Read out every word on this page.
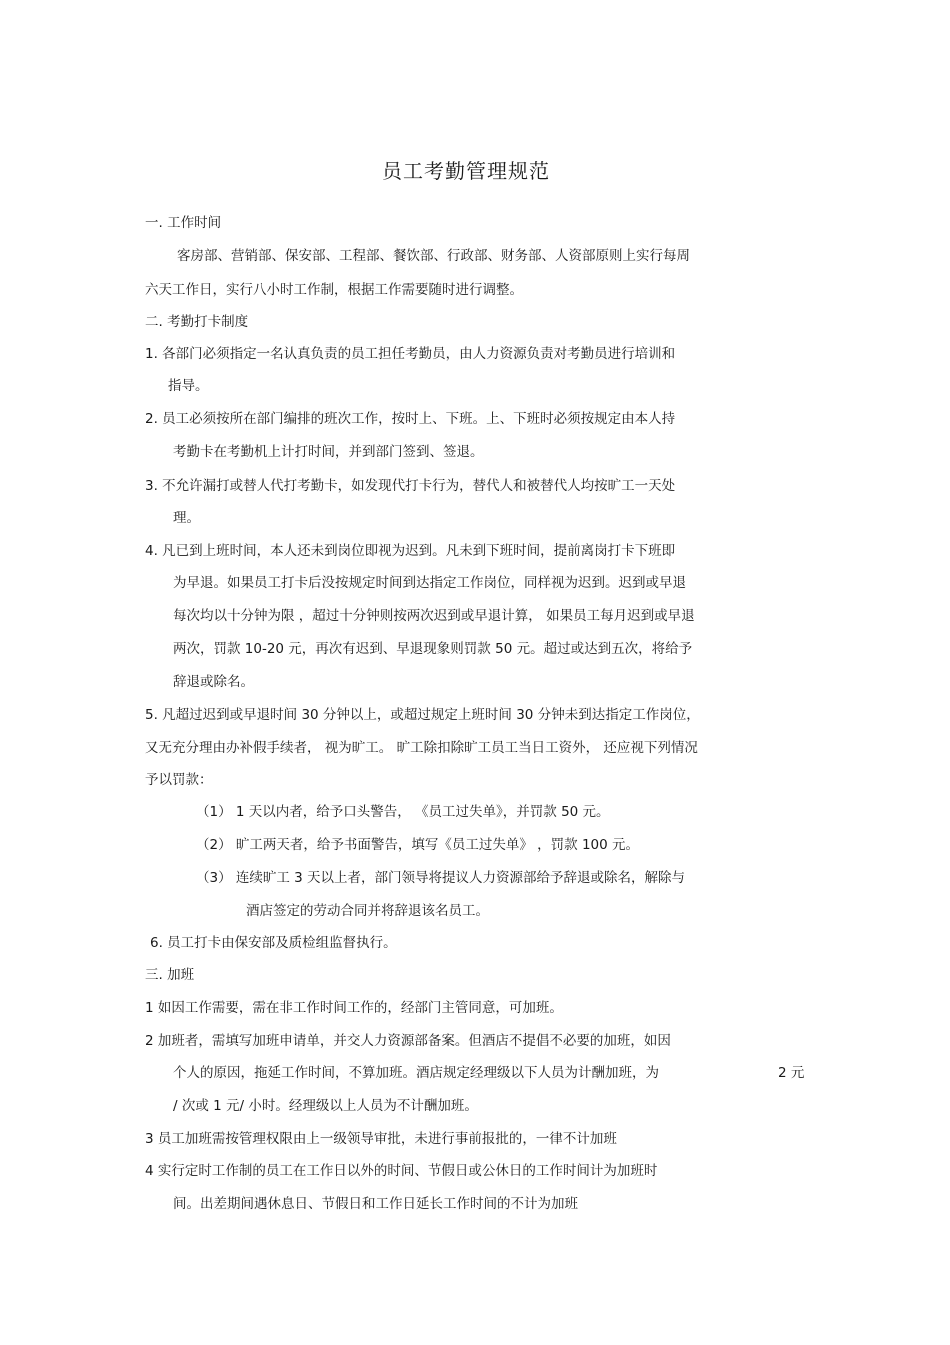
员工考勤管理规范
一. 工作时间
客房部、营销部、保安部、工程部、餐饮部、行政部、财务部、人资部原则上实行每周
六天工作日，实行八小时工作制，根据工作需要随时进行调整。
二. 考勤打卡制度
1. 各部门必须指定一名认真负责的员工担任考勤员，由人力资源负责对考勤员进行培训和
指导。
2. 员工必须按所在部门编排的班次工作，按时上、下班。上、下班时必须按规定由本人持
考勤卡在考勤机上计打时间，并到部门签到、签退。
3. 不允许漏打或替人代打考勤卡，如发现代打卡行为，替代人和被替代人均按旷工一天处
理。
4. 凡已到上班时间，本人还未到岗位即视为迟到。凡未到下班时间，提前离岗打卡下班即
为早退。如果员工打卡后没按规定时间到达指定工作岗位，同样视为迟到。迟到或早退
每次均以十分钟为限 ，超过十分钟则按两次迟到或早退计算， 如果员工每月迟到或早退
两次，罚款 10-20 元，再次有迟到、早退现象则罚款 50 元。超过或达到五次，将给予
辞退或除名。
5. 凡超过迟到或早退时间 30 分钟以上，或超过规定上班时间 30 分钟未到达指定工作岗位，
又无充分理由办补假手续者， 视为旷工。 旷工除扣除旷工员工当日工资外， 还应视下列情况
予以罚款：
（1） 1 天以内者，给予口头警告， 《员工过失单》，并罚款 50 元。
（2） 旷工两天者，给予书面警告，填写《员工过失单》 ，罚款 100 元。
（3） 连续旷工 3 天以上者，部门领导将提议人力资源部给予辞退或除名，解除与
酒店签定的劳动合同并将辞退该名员工。
6. 员工打卡由保安部及质检组监督执行。
三. 加班
1 如因工作需要，需在非工作时间工作的，经部门主管同意，可加班。
2 加班者，需填写加班申请单，并交人力资源部备案。但酒店不提倡不必要的加班，如因
个人的原因，拖延工作时间，不算加班。酒店规定经理级以下人员为计酬加班，为	2 元
/ 次或 1 元/ 小时。经理级以上人员为不计酬加班。
3 员工加班需按管理权限由上一级领导审批，未进行事前报批的，一律不计加班
4 实行定时工作制的员工在工作日以外的时间、节假日或公休日的工作时间计为加班时
间。出差期间遇休息日、节假日和工作日延长工作时间的不计为加班
